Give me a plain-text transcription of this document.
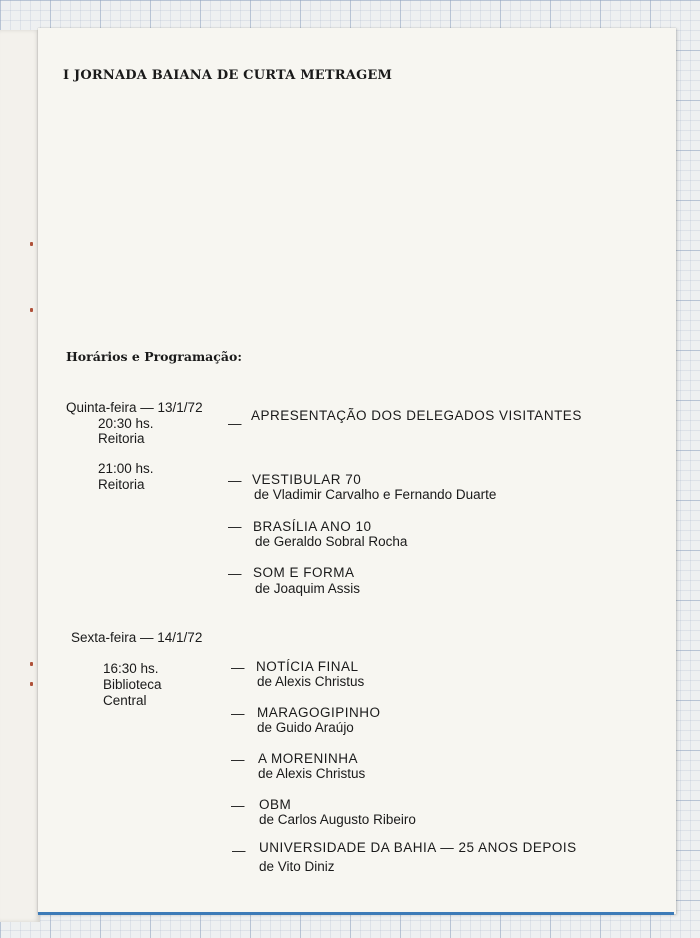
I JORNADA BAIANA DE CURTA METRAGEM
Horários e Programação:
Quinta-feira — 13/1/72
20:30 hs.
Reitoria
—
APRESENTAÇÃO DOS DELEGADOS VISITANTES
21:00 hs.
Reitoria	— VESTIBULAR 70
de Vladimir Carvalho e Fernando Duarte
— BRASÍLIA ANO 10
de Geraldo Sobral Rocha
— SOM E FORMA
de Joaquim Assis
Sexta-feira — 14/1/72
16:30 hs.
Biblioteca
Central
— NOTÍCIA FINAL
de Alexis Christus
— MARAGOGIPINHO
de Guido Araújo
— A MORENINHA
de Alexis Christus
— OBM
de Carlos Augusto Ribeiro
— UNIVERSIDADE DA BAHIA — 25 ANOS DEPOIS
de Vito Diniz
